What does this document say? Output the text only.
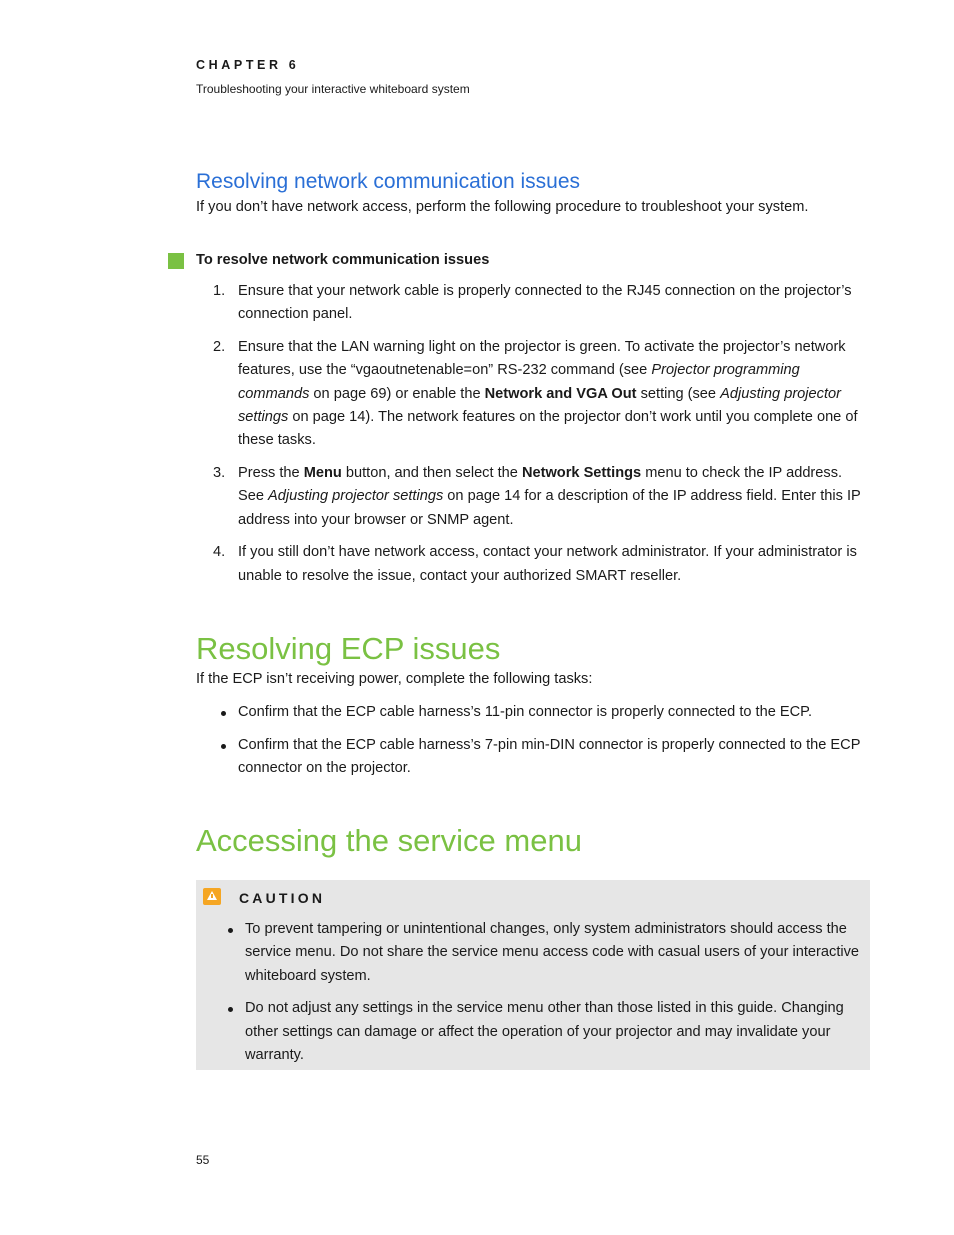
CHAPTER 6
Troubleshooting your interactive whiteboard system
Resolving network communication issues

If you don’t have network access, perform the following procedure to troubleshoot your system.

To resolve network communication issues
1. Ensure that your network cable is properly connected to the RJ45 connection on the projector’s connection panel.
2. Ensure that the LAN warning light on the projector is green. To activate the projector’s network features, use the “vgaoutnetenable=on” RS-232 command (see Projector programming commands on page 69) or enable the Network and VGA Out setting (see Adjusting projector settings on page 14). The network features on the projector don’t work until you complete one of these tasks.
3. Press the Menu button, and then select the Network Settings menu to check the IP address. See Adjusting projector settings on page 14 for a description of the IP address field. Enter this IP address into your browser or SNMP agent.
4. If you still don’t have network access, contact your network administrator. If your administrator is unable to resolve the issue, contact your authorized SMART reseller.
Resolving ECP issues

If the ECP isn’t receiving power, complete the following tasks:

Confirm that the ECP cable harness’s 11-pin connector is properly connected to the ECP.
Confirm that the ECP cable harness’s 7-pin min-DIN connector is properly connected to the ECP connector on the projector.
Accessing the service menu
CAUTION
To prevent tampering or unintentional changes, only system administrators should access the service menu. Do not share the service menu access code with casual users of your interactive whiteboard system.
Do not adjust any settings in the service menu other than those listed in this guide. Changing other settings can damage or affect the operation of your projector and may invalidate your warranty.
55
